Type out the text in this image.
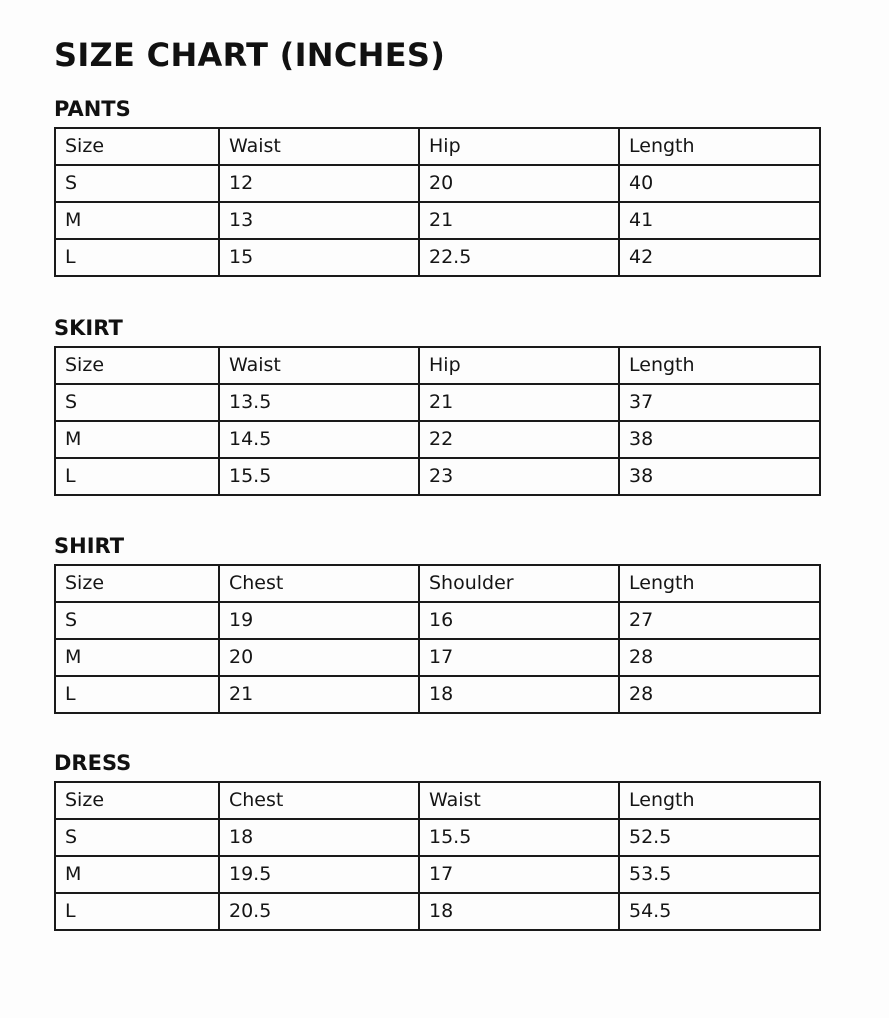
SIZE CHART (INCHES)
PANTS
Size	Waist	Hip	Length
S	12	20	40
M	13	21	41
L	15	22.5	42
SKIRT
Size	Waist	Hip	Length
S	13.5	21	37
M	14.5	22	38
L	15.5	23	38
SHIRT
Size	Chest	Shoulder	Length
S	19	16	27
M	20	17	28
L	21	18	28
DRESS
Size	Chest	Waist	Length
S	18	15.5	52.5
M	19.5	17	53.5
L	20.5	18	54.5
